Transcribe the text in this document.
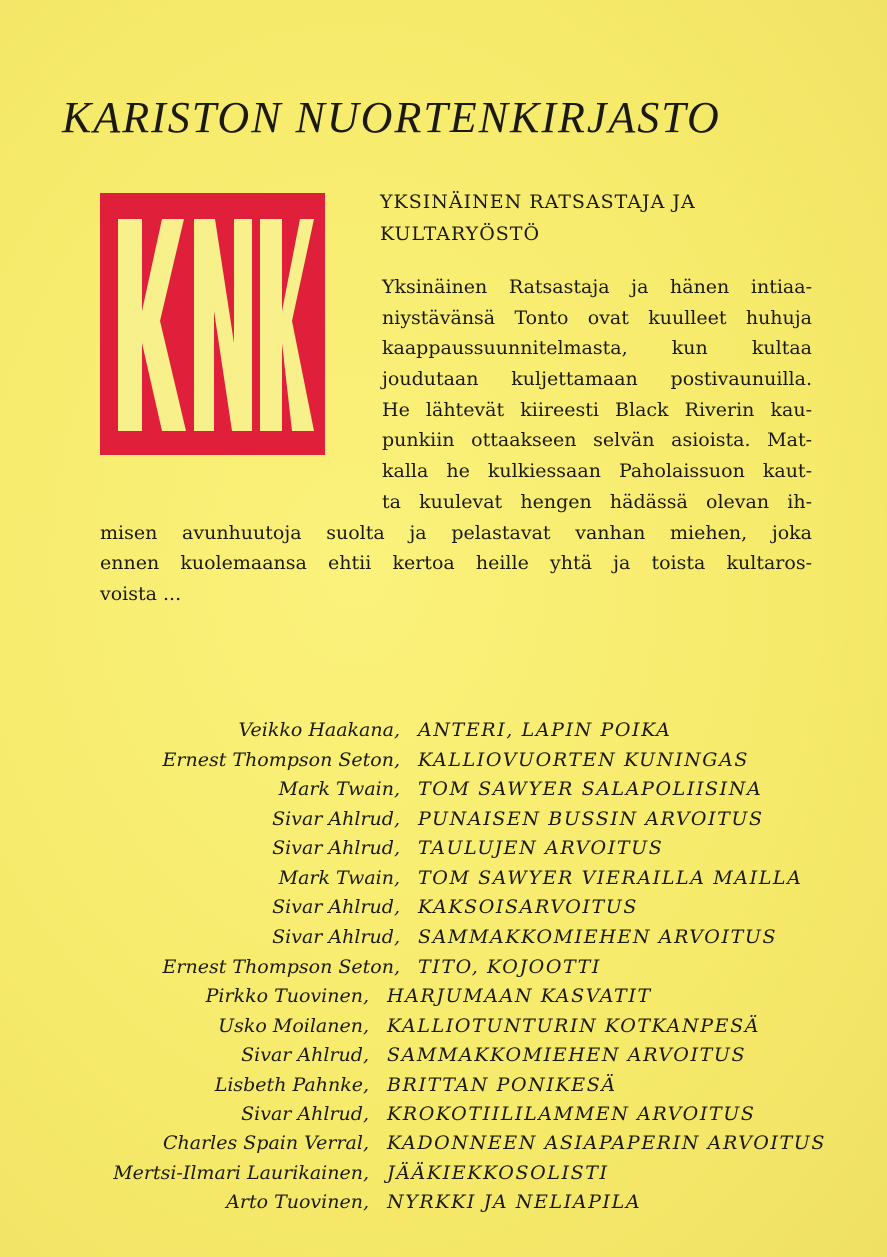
KARISTON NUORTENKIRJASTO
YKSINÄINEN RATSASTAJA JA
KULTARYÖSTÖ
Yksinäinen Ratsastaja ja hänen intiaa-
niystävänsä Tonto ovat kuulleet huhuja
kaappaussuunnitelmasta, kun kultaa
joudutaan kuljettamaan postivaunuilla.
He lähtevät kiireesti Black Riverin kau-
punkiin ottaakseen selvän asioista. Mat-
kalla he kulkiessaan Paholaissuon kaut-
ta kuulevat hengen hädässä olevan ih-
misen avunhuutoja suolta ja pelastavat vanhan miehen, joka
ennen kuolemaansa ehtii kertoa heille yhtä ja toista kultaros-
voista ...
Veikko Haakana, ANTERI, LAPIN POIKA
Ernest Thompson Seton, KALLIOVUORTEN KUNINGAS
Mark Twain, TOM SAWYER SALAPOLIISINA
Sivar Ahlrud, PUNAISEN BUSSIN ARVOITUS
Sivar Ahlrud, TAULUJEN ARVOITUS
Mark Twain, TOM SAWYER VIERAILLA MAILLA
Sivar Ahlrud, KAKSOISARVOITUS
Sivar Ahlrud, SAMMAKKOMIEHEN ARVOITUS
Ernest Thompson Seton, TITO, KOJOOTTI
Pirkko Tuovinen, HARJUMAAN KASVATIT
Usko Moilanen, KALLIOTUNTURIN KOTKANPESÄ
Sivar Ahlrud, SAMMAKKOMIEHEN ARVOITUS
Lisbeth Pahnke, BRITTAN PONIKESÄ
Sivar Ahlrud, KROKOTIILILAMMEN ARVOITUS
Charles Spain Verral, KADONNEEN ASIAPAPERIN ARVOITUS
Mertsi-Ilmari Laurikainen, JÄÄKIEKKOSOLISTI
Arto Tuovinen, NYRKKI JA NELIAPILA
